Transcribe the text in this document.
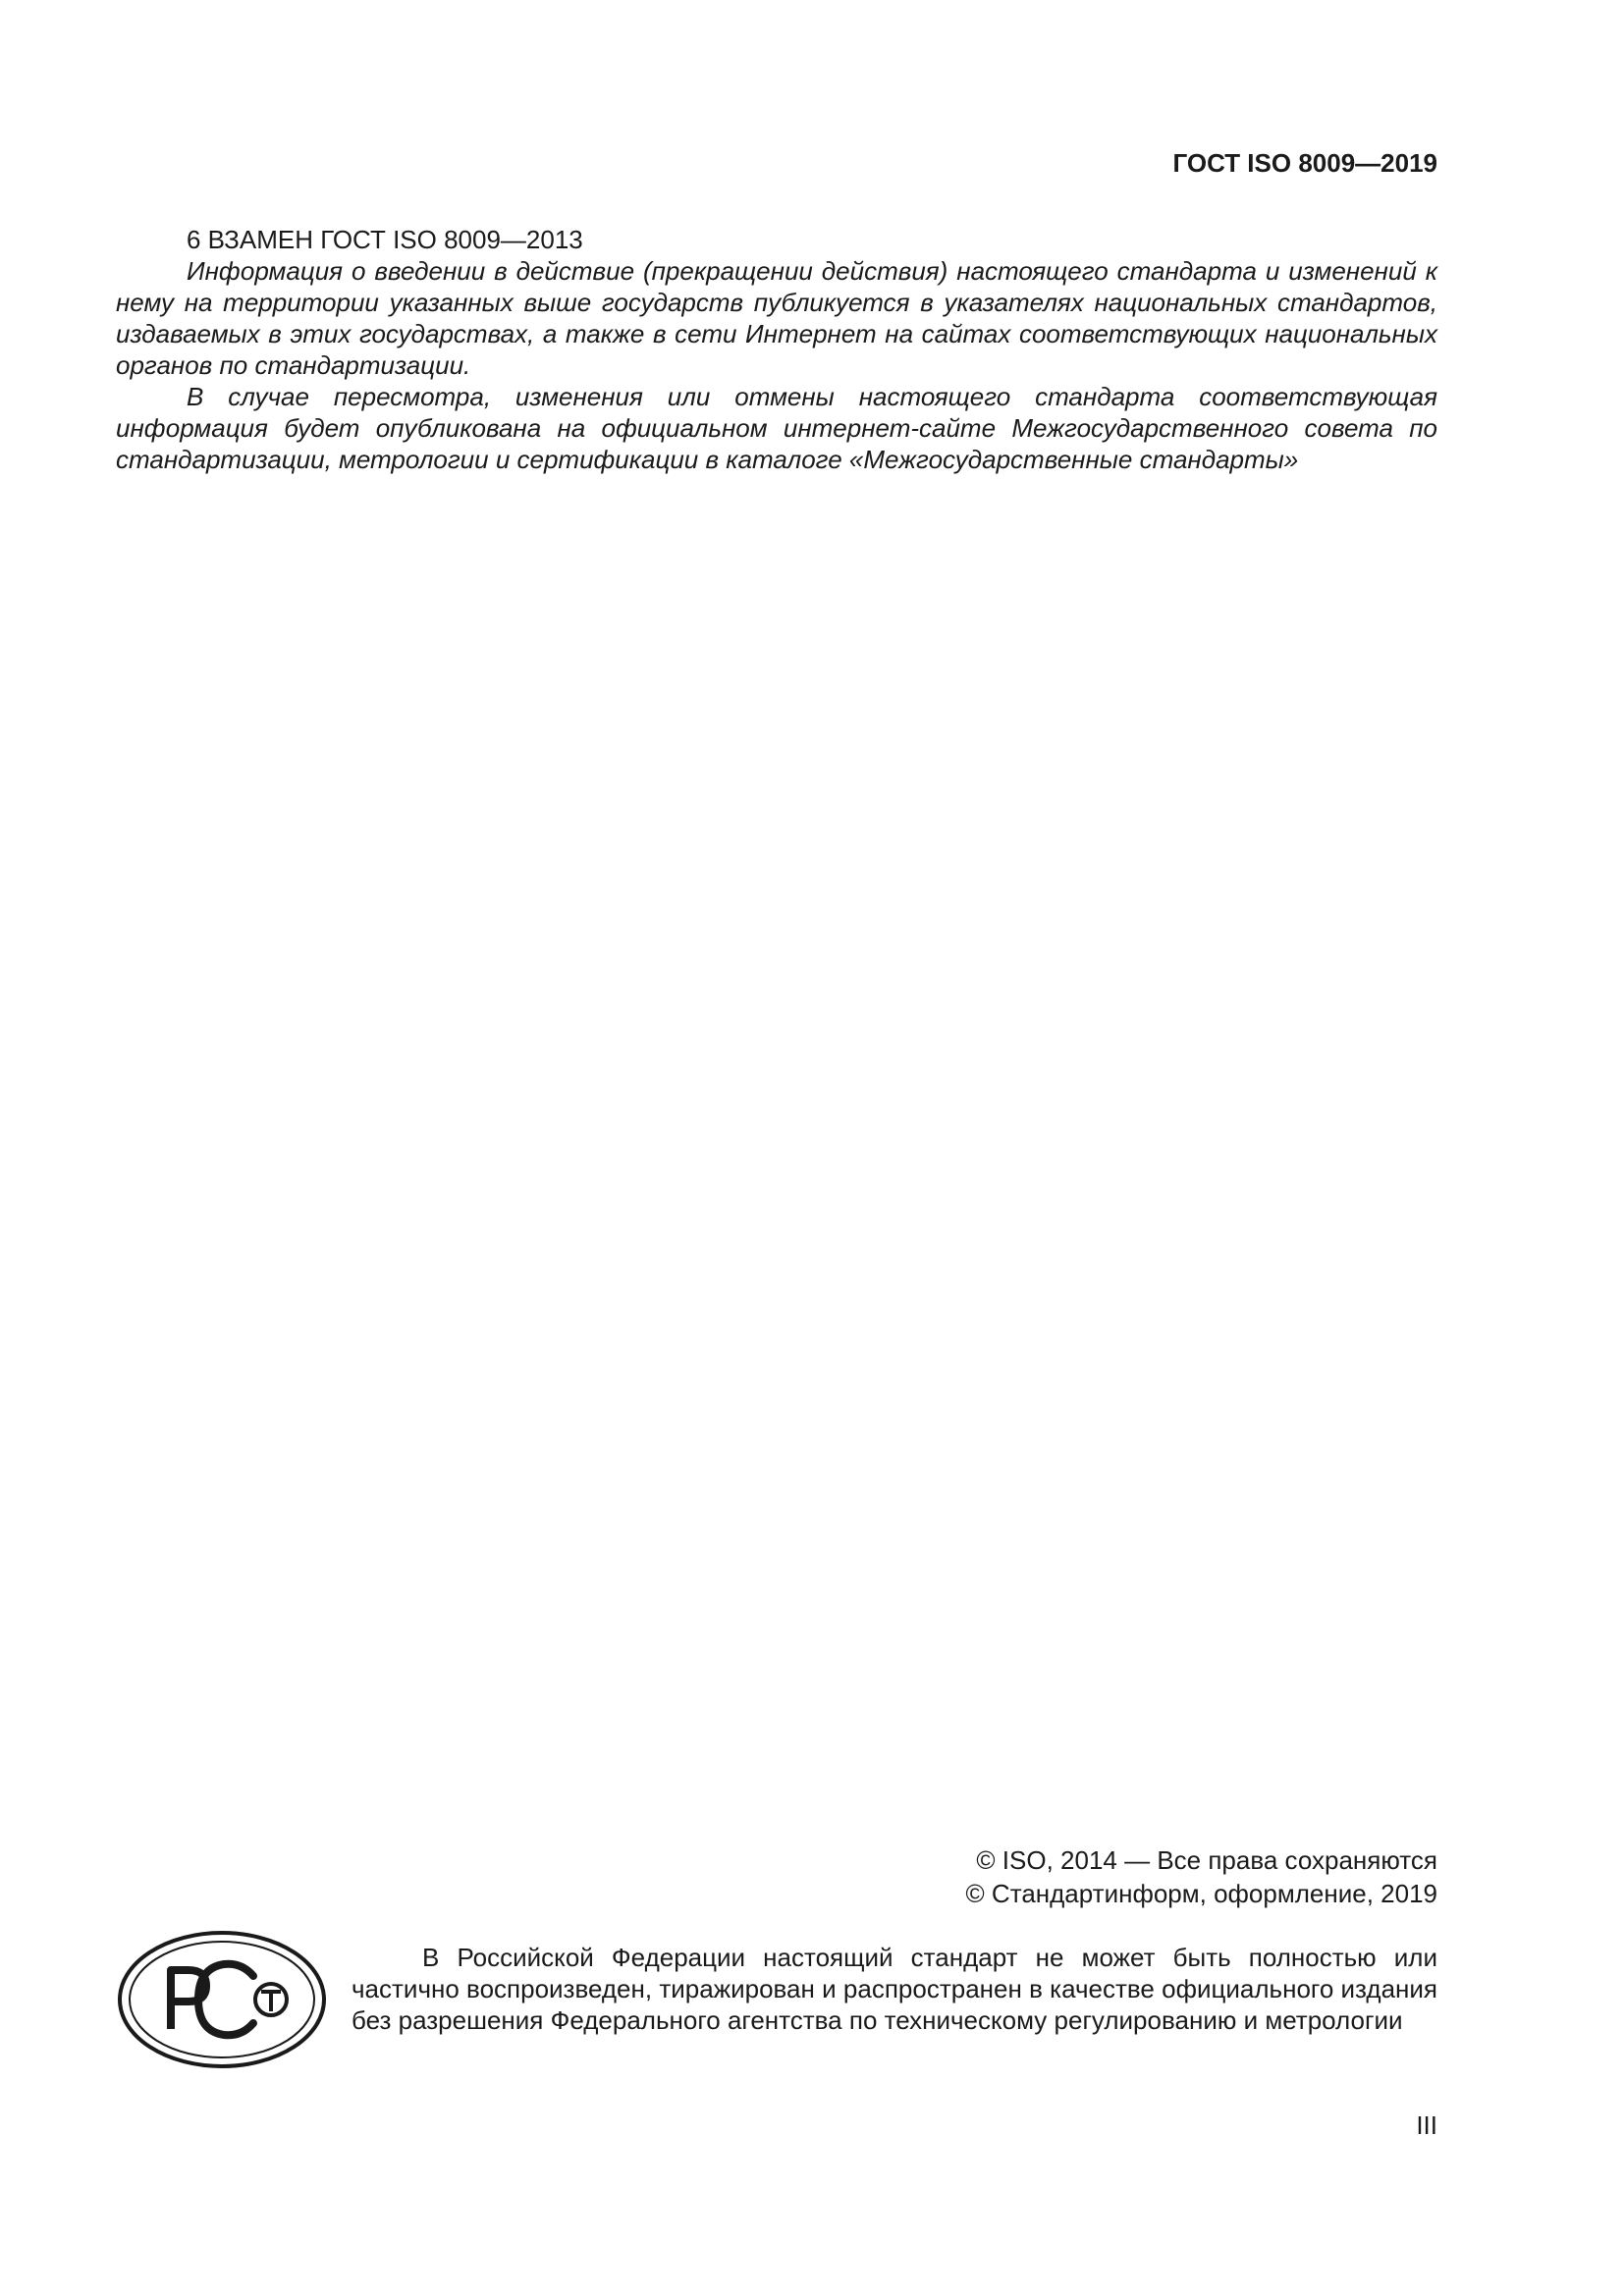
ГОСТ ISO 8009—2019

6 ВЗАМЕН ГОСТ ISO 8009—2013

Информация о введении в действие (прекращении действия) настоящего стандарта и изменений к нему на территории указанных выше государств публикуется в указателях национальных стандартов, издаваемых в этих государствах, а также в сети Интернет на сайтах соответствующих национальных органов по стандартизации.

В случае пересмотра, изменения или отмены настоящего стандарта соответствующая информация будет опубликована на официальном интернет-сайте Межгосударственного совета по стандартизации, метрологии и сертификации в каталоге «Межгосударственные стандарты»

© ISO, 2014 — Все права сохраняются
© Стандартинформ, оформление, 2019

В Российской Федерации настоящий стандарт не может быть полностью или частично воспроизведен, тиражирован и распространен в качестве официального издания без разрешения Федерального агентства по техническому регулированию и метрологии

III
